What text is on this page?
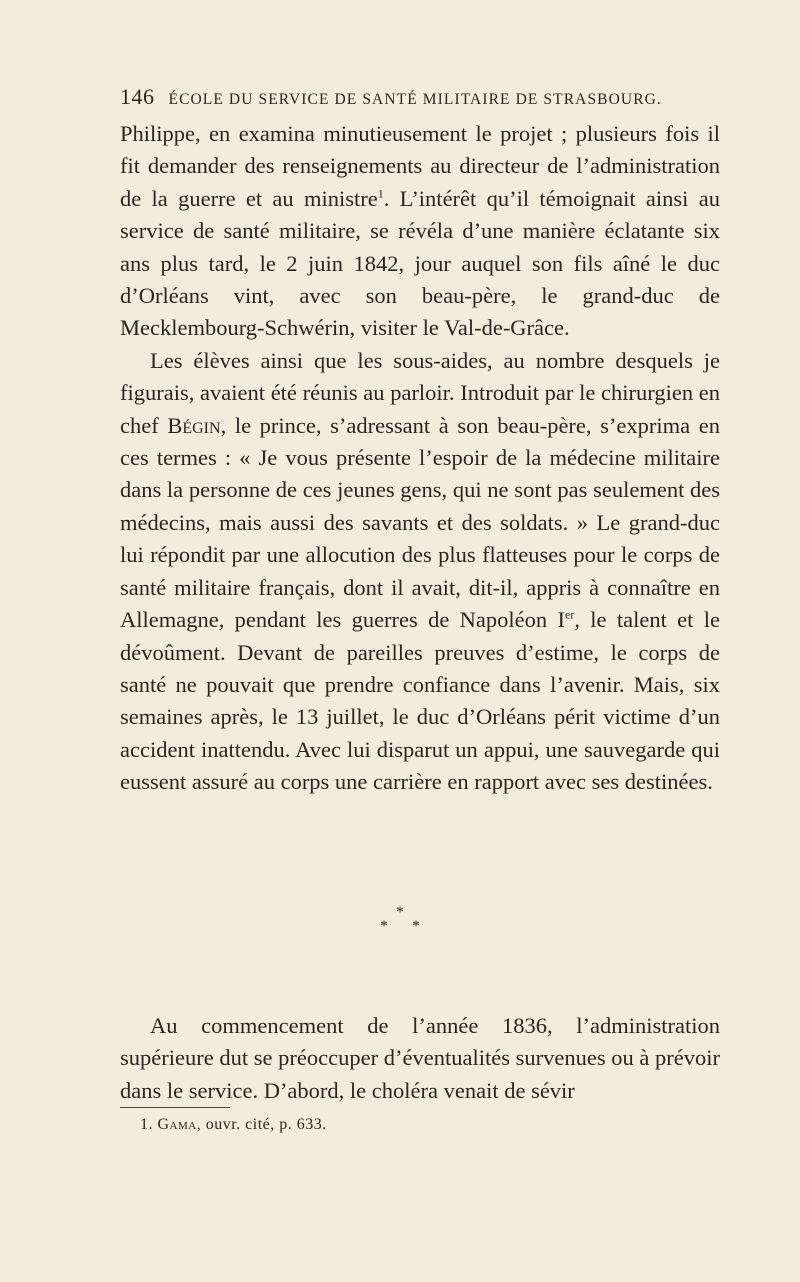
146 ÉCOLE DU SERVICE DE SANTÉ MILITAIRE DE STRASBOURG.

Philippe, en examina minutieusement le projet ; plusieurs fois il fit demander des renseignements au directeur de l’administration de la guerre et au ministre$^1$. L’intérêt qu’il témoignait ainsi au service de santé militaire, se révéla d’une manière éclatante six ans plus tard, le 2 juin 1842, jour auquel son fils aîné le duc d’Orléans vint, avec son beau-père, le grand-duc de Mecklembourg-Schwérin, visiter le Val-de-Grâce.

Les élèves ainsi que les sous-aides, au nombre desquels je figurais, avaient été réunis au parloir. Introduit par le chirurgien en chef Bégin, le prince, s’adressant à son beau-père, s’exprima en ces termes : « Je vous présente l’espoir de la médecine militaire dans la personne de ces jeunes gens, qui ne sont pas seulement des médecins, mais aussi des savants et des soldats. » Le grand-duc lui répondit par une allocution des plus flatteuses pour le corps de santé militaire français, dont il avait, dit-il, appris à connaître en Allemagne, pendant les guerres de Napoléon Ier, le talent et le dévoûment. Devant de pareilles preuves d’estime, le corps de santé ne pouvait que prendre confiance dans l’avenir. Mais, six semaines après, le 13 juillet, le duc d’Orléans périt victime d’un accident inattendu. Avec lui disparut un appui, une sauvegarde qui eussent assuré au corps une carrière en rapport avec ses destinées.

*
* *

Au commencement de l’année 1836, l’administration supérieure dut se préoccuper d’éventualités survenues ou à prévoir dans le service. D’abord, le choléra venait de sévir

1. Gama, ouvr. cité, p. 633.
